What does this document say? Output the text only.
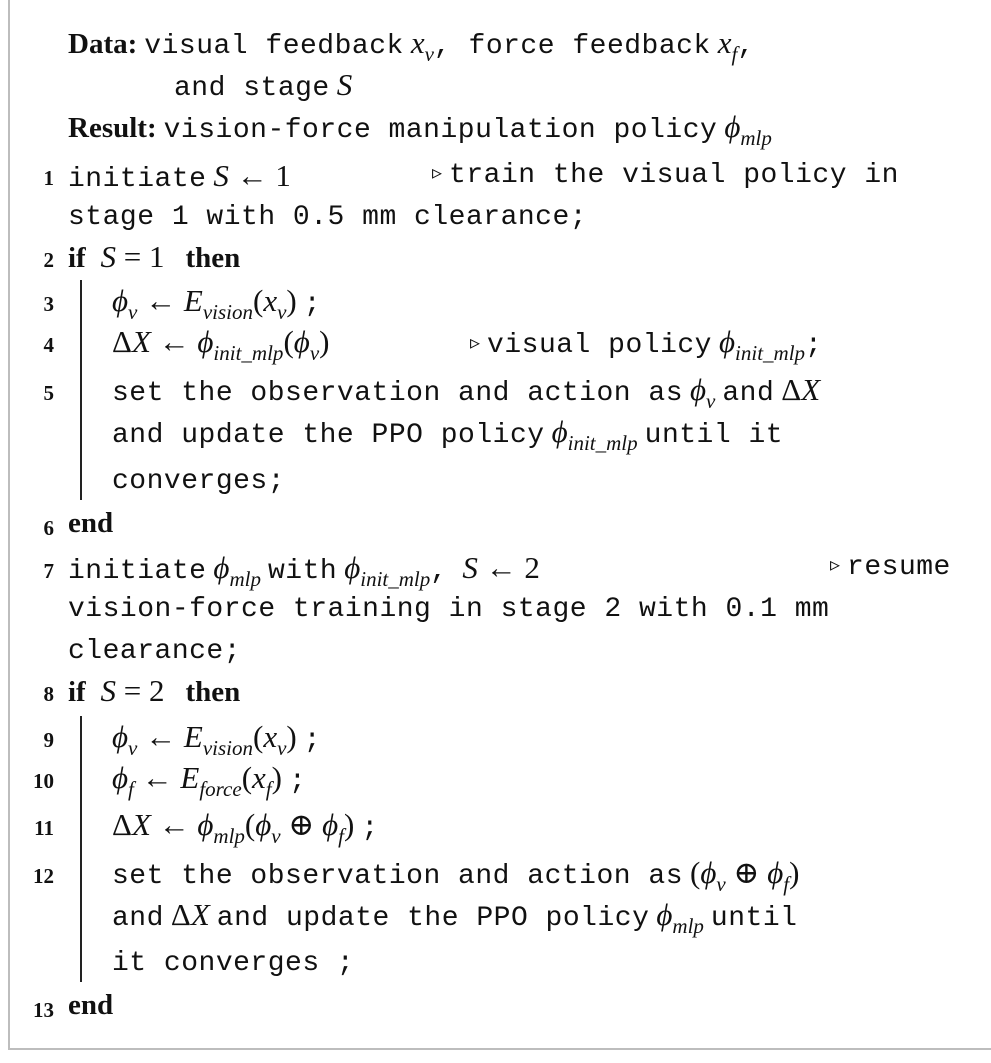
Data: visual feedback $x_v$, force feedback $x_f$,
and stage S
Result: vision-force manipulation policy $\phi_{mlp}$
1 initiate S ← 1	▹ train the visual policy in
stage 1 with 0.5 mm clearance;
2 if  S = 1 then
3 $\phi_v$ ← $E_{vision}(x_v)$ ;
4 ΔX ← $\phi_{init\_mlp}(\phi_v)$	▹ visual policy $\phi_{init\_mlp}$;
5 set the observation and action as $\phi_v$ and ΔX
and update the PPO policy $\phi_{init\_mlp}$ until it
converges;
6 end
7 initiate $\phi_{mlp}$ with $\phi_{init\_mlp}$,  S ← 2	▹ resume
vision-force training in stage 2 with 0.1 mm
clearance;
8 if  S = 2 then
9 $\phi_v$ ← $E_{vision}(x_v)$ ;
10 $\phi_f$ ← $E_{force}(x_f)$ ;
11 ΔX ← $\phi_{mlp}(\phi_v$ ⊕ $\phi_f$) ;
12 set the observation and action as ($\phi_v$ ⊕ $\phi_f$)
and ΔX and update the PPO policy $\phi_{mlp}$ until
it converges ;
13 end
